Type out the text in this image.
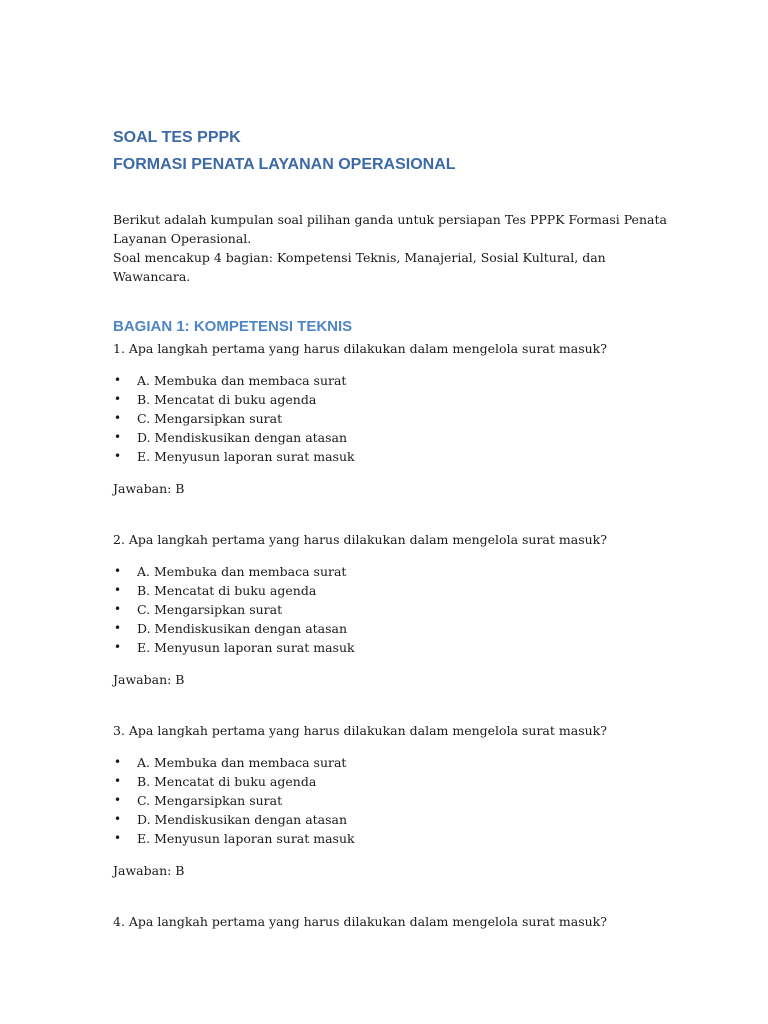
SOAL TES PPPK
FORMASI PENATA LAYANAN OPERASIONAL

Berikut adalah kumpulan soal pilihan ganda untuk persiapan Tes PPPK Formasi Penata Layanan Operasional.

Soal mencakup 4 bagian: Kompetensi Teknis, Manajerial, Sosial Kultural, dan Wawancara.

BAGIAN 1: KOMPETENSI TEKNIS

1. Apa langkah pertama yang harus dilakukan dalam mengelola surat masuk?

• A. Membuka dan membaca surat
• B. Mencatat di buku agenda
• C. Mengarsipkan surat
• D. Mendiskusikan dengan atasan
• E. Menyusun laporan surat masuk

Jawaban: B

2. Apa langkah pertama yang harus dilakukan dalam mengelola surat masuk?

• A. Membuka dan membaca surat
• B. Mencatat di buku agenda
• C. Mengarsipkan surat
• D. Mendiskusikan dengan atasan
• E. Menyusun laporan surat masuk

Jawaban: B

3. Apa langkah pertama yang harus dilakukan dalam mengelola surat masuk?

• A. Membuka dan membaca surat
• B. Mencatat di buku agenda
• C. Mengarsipkan surat
• D. Mendiskusikan dengan atasan
• E. Menyusun laporan surat masuk

Jawaban: B

4. Apa langkah pertama yang harus dilakukan dalam mengelola surat masuk?
